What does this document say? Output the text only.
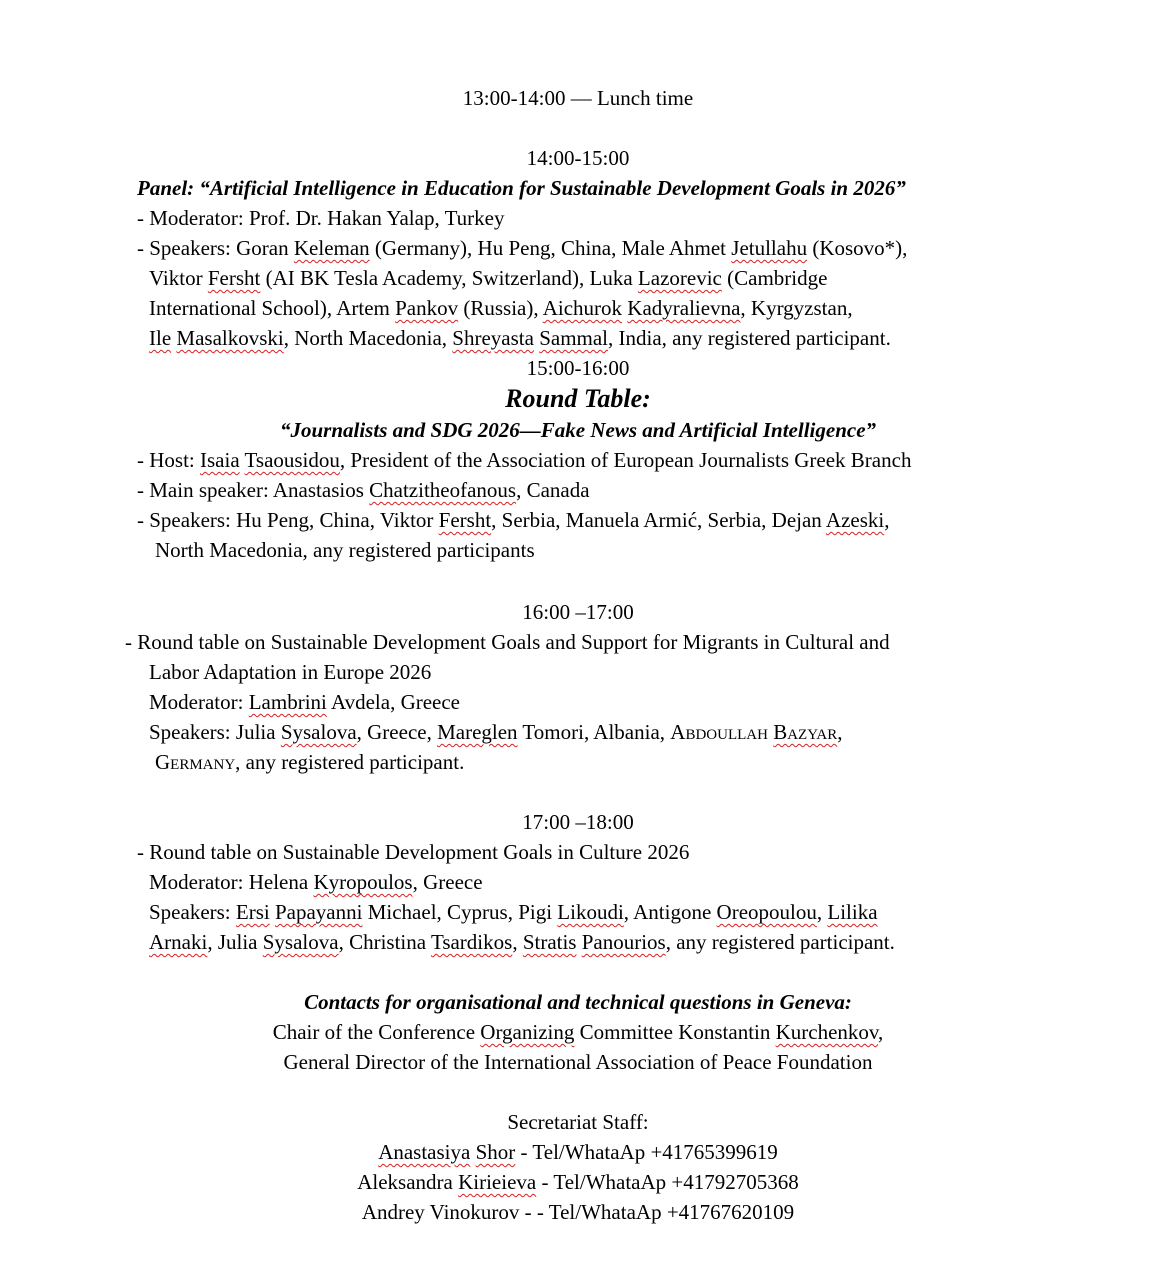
13:00-14:00 — Lunch time
14:00-15:00
Panel: “Artificial Intelligence in Education for Sustainable Development Goals in 2026”
- Moderator: Prof. Dr. Hakan Yalap, Turkey
- Speakers: Goran Keleman (Germany), Hu Peng, China, Male Ahmet Jetullahu (Kosovo*),
Viktor Fersht (AI BK Tesla Academy, Switzerland), Luka Lazorevic (Cambridge
International School), Artem Pankov (Russia), Aichurok Kadyralievna, Kyrgyzstan,
Ile Masalkovski, North Macedonia, Shreyasta Sammal, India, any registered participant.
15:00-16:00
Round Table:
“Journalists and SDG 2026—Fake News and Artificial Intelligence”
- Host: Isaia Tsaousidou, President of the Association of European Journalists Greek Branch
- Main speaker: Anastasios Chatzitheofanous, Canada
- Speakers: Hu Peng, China, Viktor Fersht, Serbia, Manuela Armić, Serbia, Dejan Azeski,
North Macedonia, any registered participants
16:00 –17:00
- Round table on Sustainable Development Goals and Support for Migrants in Cultural and
Labor Adaptation in Europe 2026
Moderator: Lambrini Avdela, Greece
Speakers: Julia Sysalova, Greece, Mareglen Tomori, Albania, Abdoullah Bazyar,
Germany, any registered participant.
17:00 –18:00
- Round table on Sustainable Development Goals in Culture 2026
Moderator: Helena Kyropoulos, Greece
Speakers: Ersi Papayanni Michael, Cyprus, Pigi Likoudi, Antigone Oreopoulou, Lilika
Arnaki, Julia Sysalova, Christina Tsardikos, Stratis Panourios, any registered participant.
Contacts for organisational and technical questions in Geneva:
Chair of the Conference Organizing Committee Konstantin Kurchenkov,
General Director of the International Association of Peace Foundation
Secretariat Staff:
Anastasiya Shor - Tel/WhataAp +41765399619
Aleksandra Kirieieva - Tel/WhataAp +41792705368
Andrey Vinokurov - - Tel/WhataAp +41767620109
